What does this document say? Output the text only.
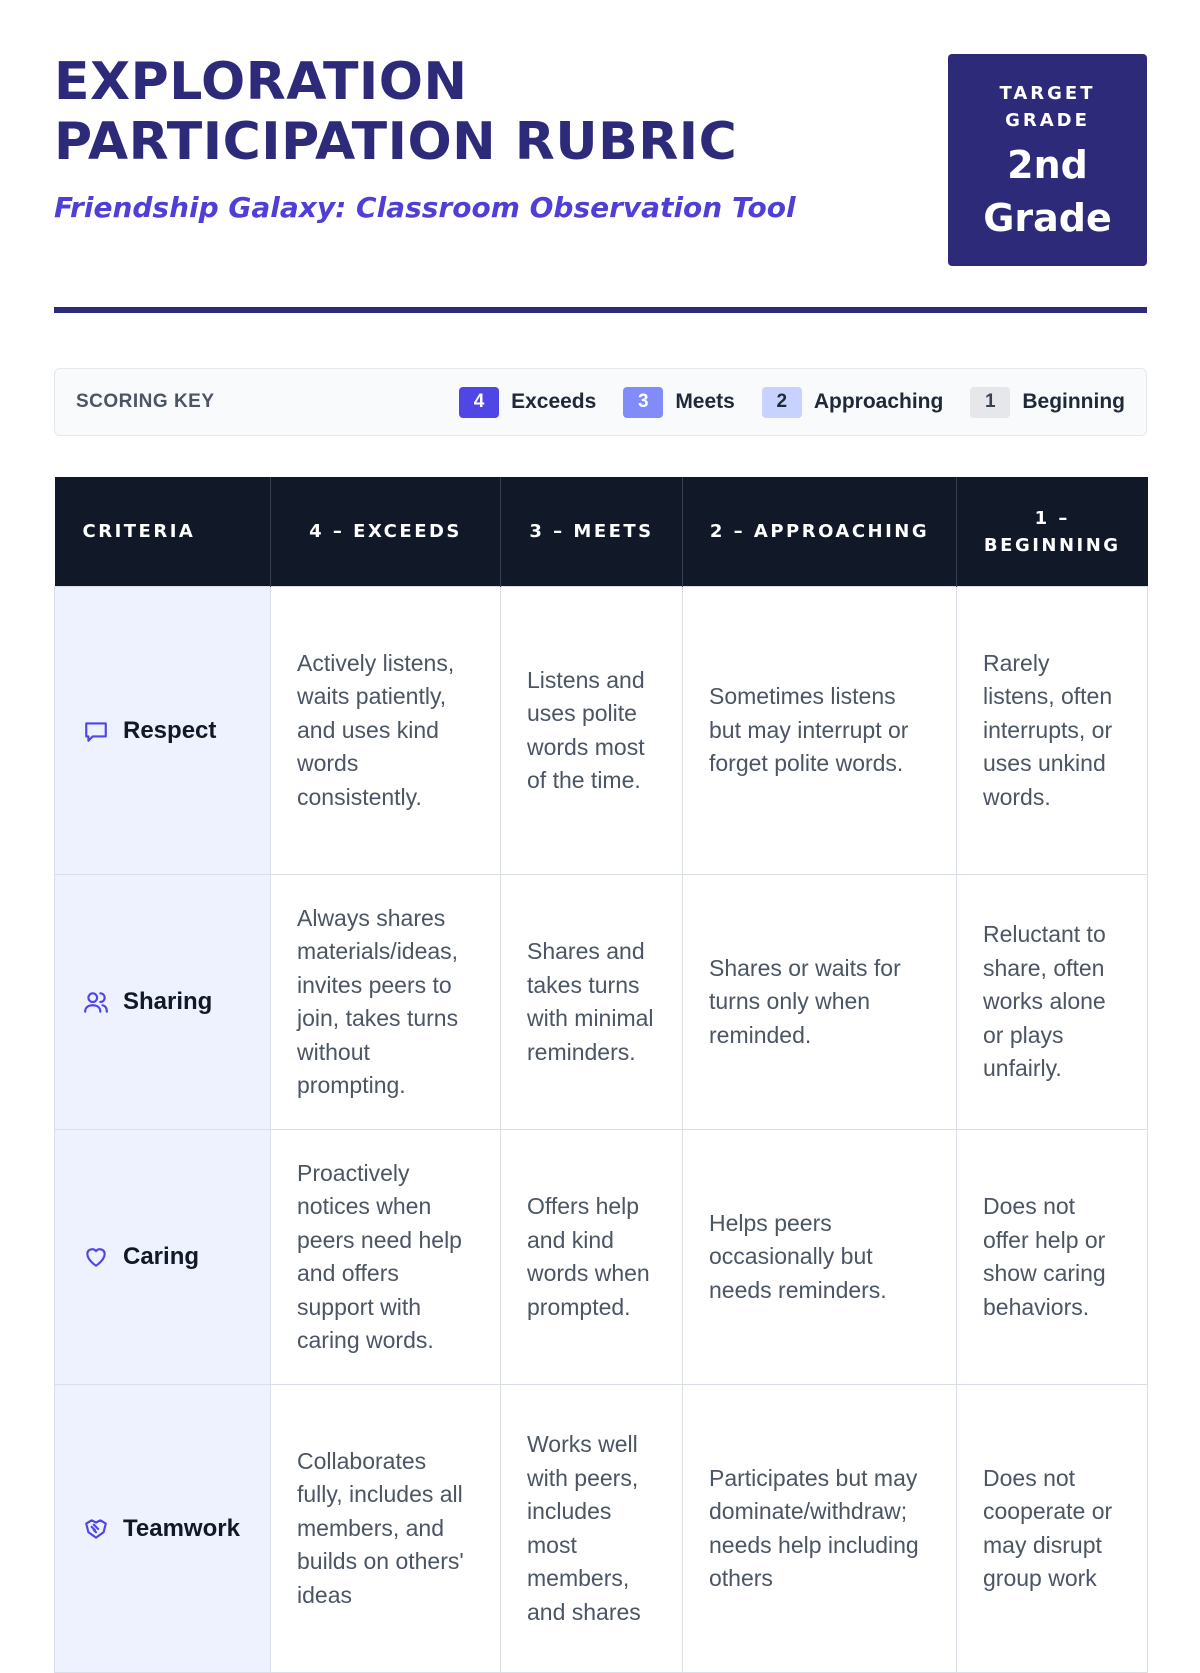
EXPLORATION
PARTICIPATION RUBRIC

Friendship Galaxy: Classroom Observation Tool

TARGET
GRADE
2nd
Grade
SCORING KEY	4	Exceeds	3	Meets	2	Approaching	1	Beginning
CRITERIA	4 – EXCEEDS	3 – MEETS	2 – APPROACHING	1 – BEGINNING

Respect	Actively listens, waits patiently, and uses kind words consistently.	Listens and uses polite words most of the time.	Sometimes listens but may interrupt or forget polite words.	Rarely listens, often interrupts, or uses unkind words.

Sharing	Always shares materials/ideas, invites peers to join, takes turns without prompting.	Shares and takes turns with minimal reminders.	Shares or waits for turns only when reminded.	Reluctant to share, often works alone or plays unfairly.

Caring	Proactively notices when peers need help and offers support with caring words.	Offers help and kind words when prompted.	Helps peers occasionally but needs reminders.	Does not offer help or show caring behaviors.

Teamwork	Collaborates fully, includes all members, and builds on others' ideas	Works well with peers, includes most members, and shares	Participates but may dominate/withdraw; needs help including others	Does not cooperate or may disrupt group work
